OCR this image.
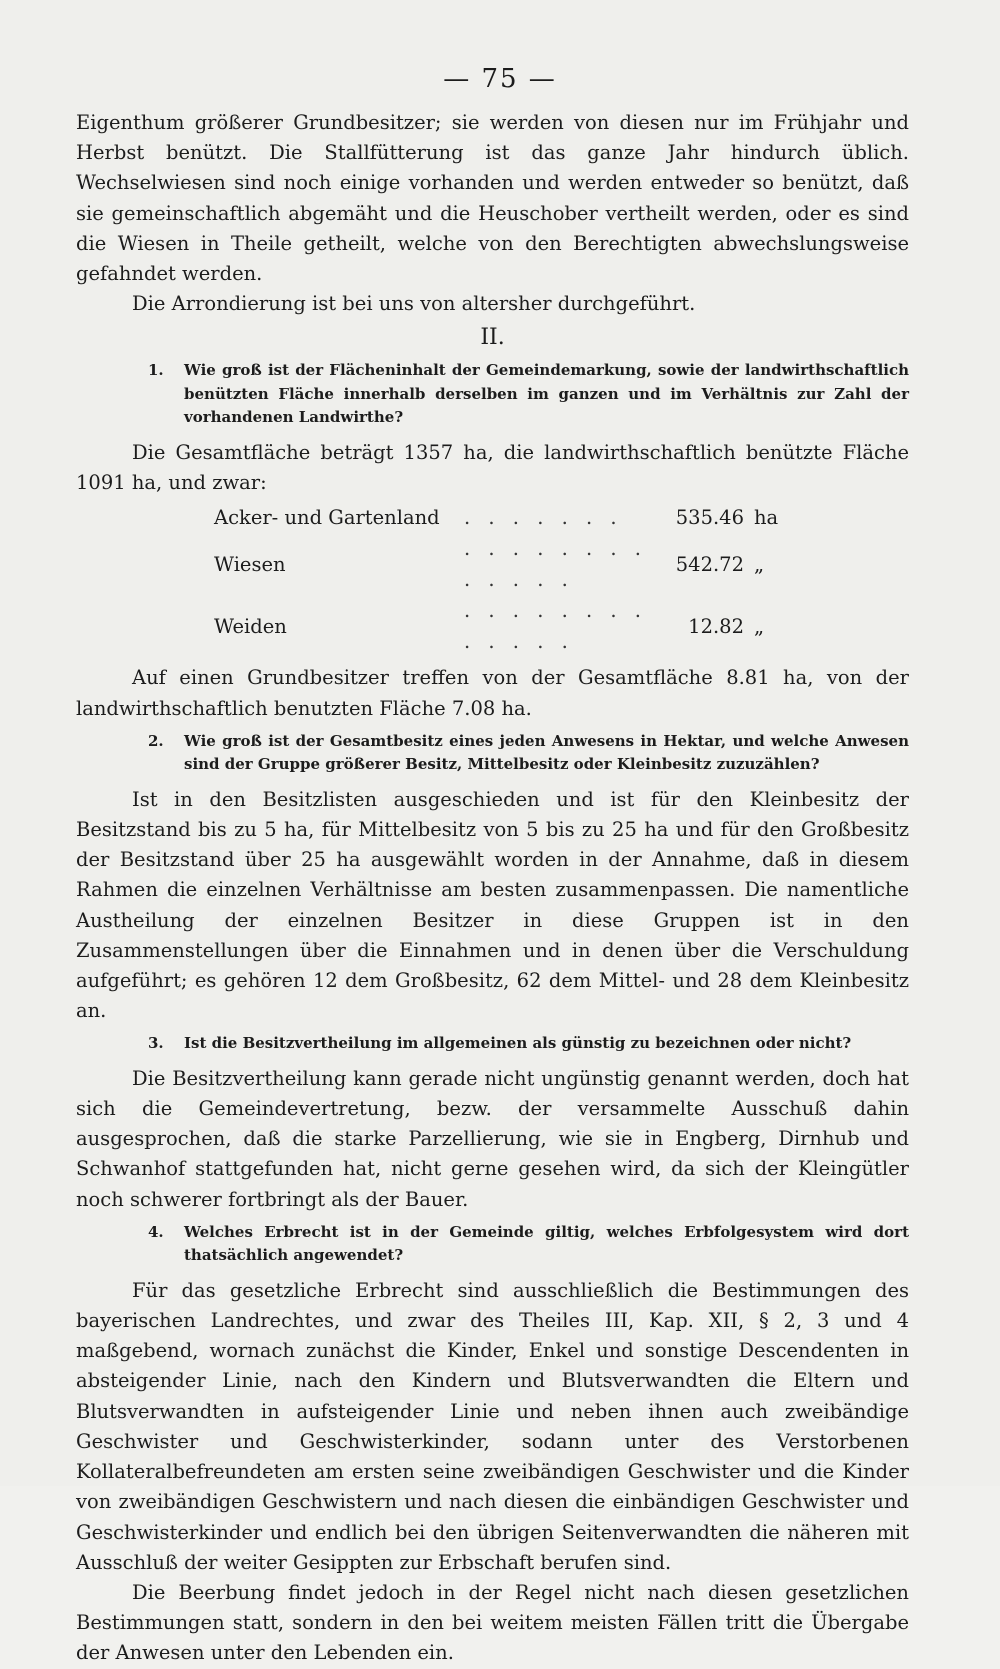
— 75 —

Eigenthum größerer Grundbesitzer; sie werden von diesen nur im Frühjahr und Herbst benützt. Die Stallfütterung ist das ganze Jahr hindurch üblich. Wechselwiesen sind noch einige vorhanden und werden entweder so benützt, daß sie gemeinschaftlich abgemäht und die Heuschober vertheilt werden, oder es sind die Wiesen in Theile getheilt, welche von den Berechtigten abwechslungsweise gefahndet werden.

Die Arrondierung ist bei uns von altersher durchgeführt.

II.

1. Wie groß ist der Flächeninhalt der Gemeindemarkung, sowie der landwirthschaftlich benützten Fläche innerhalb derselben im ganzen und im Verhältnis zur Zahl der vorhandenen Landwirthe?

Die Gesamtfläche beträgt 1357 ha, die landwirthschaftlich benützte Fläche 1091 ha, und zwar:

Acker- und Gartenland	. . . . . . .	535.46	ha
Wiesen	. . . . . . . . . . . . .	542.72	„
Weiden	. . . . . . . . . . . . .	12.82	„

Auf einen Grundbesitzer treffen von der Gesamtfläche 8.81 ha, von der landwirthschaftlich benutzten Fläche 7.08 ha.

2. Wie groß ist der Gesamtbesitz eines jeden Anwesens in Hektar, und welche Anwesen sind der Gruppe größerer Besitz, Mittelbesitz oder Kleinbesitz zuzuzählen?

Ist in den Besitzlisten ausgeschieden und ist für den Kleinbesitz der Besitzstand bis zu 5 ha, für Mittelbesitz von 5 bis zu 25 ha und für den Großbesitz der Besitzstand über 25 ha ausgewählt worden in der Annahme, daß in diesem Rahmen die einzelnen Verhältnisse am besten zusammenpassen. Die namentliche Austheilung der einzelnen Besitzer in diese Gruppen ist in den Zusammenstellungen über die Einnahmen und in denen über die Verschuldung aufgeführt; es gehören 12 dem Großbesitz, 62 dem Mittel- und 28 dem Kleinbesitz an.

3. Ist die Besitzvertheilung im allgemeinen als günstig zu bezeichnen oder nicht?

Die Besitzvertheilung kann gerade nicht ungünstig genannt werden, doch hat sich die Gemeindevertretung, bezw. der versammelte Ausschuß dahin ausgesprochen, daß die starke Parzellierung, wie sie in Engberg, Dirnhub und Schwanhof stattgefunden hat, nicht gerne gesehen wird, da sich der Kleingütler noch schwerer fortbringt als der Bauer.

4. Welches Erbrecht ist in der Gemeinde giltig, welches Erbfolgesystem wird dort thatsächlich angewendet?

Für das gesetzliche Erbrecht sind ausschließlich die Bestimmungen des bayerischen Landrechtes, und zwar des Theiles III, Kap. XII, § 2, 3 und 4 maßgebend, wornach zunächst die Kinder, Enkel und sonstige Descendenten in absteigender Linie, nach den Kindern und Blutsverwandten die Eltern und Blutsverwandten in aufsteigender Linie und neben ihnen auch zweibändige Geschwister und Geschwisterkinder, sodann unter des Verstorbenen Kollateralbefreundeten am ersten seine zweibändigen Geschwister und die Kinder von zweibändigen Geschwistern und nach diesen die einbändigen Geschwister und Geschwisterkinder und endlich bei den übrigen Seitenverwandten die näheren mit Ausschluß der weiter Gesippten zur Erbschaft berufen sind.

Die Beerbung findet jedoch in der Regel nicht nach diesen gesetzlichen Bestimmungen statt, sondern in den bei weitem meisten Fällen tritt die Übergabe der Anwesen unter den Lebenden ein.
